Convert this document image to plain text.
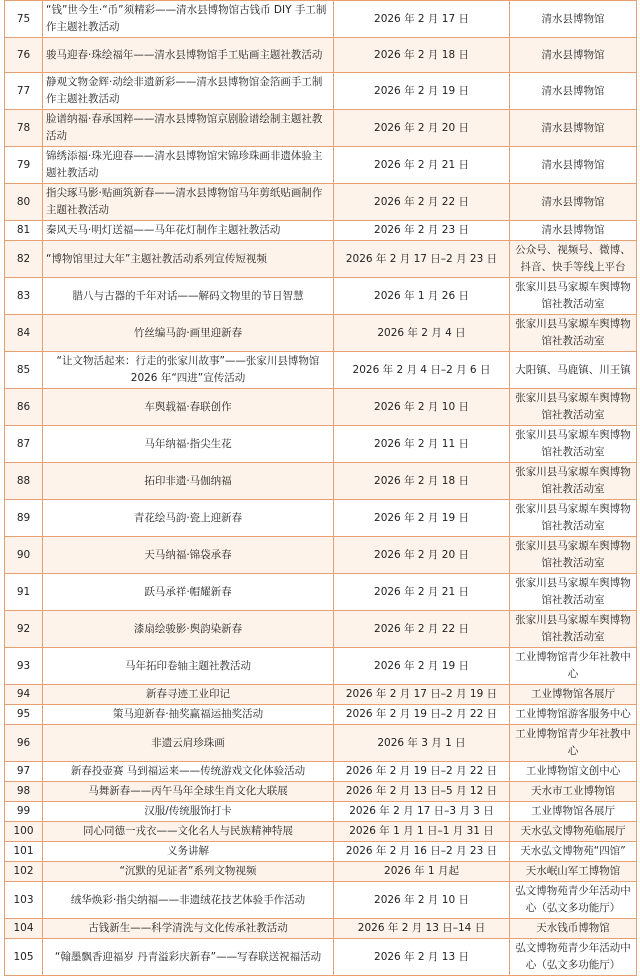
75	“钱”世今生·“币”须精彩——清水县博物馆古钱币 DIY 手工制作主题社教活动	2026 年 2 月 17 日	清水县博物馆
76	骏马迎春·珠绘福年——清水县博物馆手工贴画主题社教活动	2026 年 2 月 18 日	清水县博物馆
77	静观文物金辉·动绘非遗新彩——清水县博物馆金箔画手工制作主题社教活动	2026 年 2 月 19 日	清水县博物馆
78	脸谱纳福·春承国粹——清水县博物馆京剧脸谱绘制主题社教活动	2026 年 2 月 20 日	清水县博物馆
79	锦绣添福·珠光迎春——清水县博物馆宋锦珍珠画非遗体验主题社教活动	2026 年 2 月 21 日	清水县博物馆
80	指尖琢马影·贴画筑新春——清水县博物馆马年剪纸贴画制作主题社教活动	2026 年 2 月 22 日	清水县博物馆
81	秦风天马·明灯送福——马年花灯制作主题社教活动	2026 年 2 月 23 日	清水县博物馆
82	“博物馆里过大年”主题社教活动系列宣传短视频	2026 年 2 月 17 日–2 月 23 日	公众号、视频号、微博、抖音、快手等线上平台
83	腊八与古器的千年对话——解码文物里的节日智慧	2026 年 1 月 26 日	张家川县马家塬车舆博物馆社教活动室
84	竹丝编马韵·画里迎新春	2026 年 2 月 4 日	张家川县马家塬车舆博物馆社教活动室
85	“让文物活起来：行走的张家川故事”——张家川县博物馆 2026 年“四进”宣传活动	2026 年 2 月 4 日–2 月 6 日	大阳镇、马鹿镇、川王镇
86	车舆载福·春联创作	2026 年 2 月 10 日	张家川县马家塬车舆博物馆社教活动室
87	马年纳福·指尖生花	2026 年 2 月 11 日	张家川县马家塬车舆博物馆社教活动室
88	拓印非遗·马伽纳福	2026 年 2 月 18 日	张家川县马家塬车舆博物馆社教活动室
89	青花绘马韵·瓷上迎新春	2026 年 2 月 19 日	张家川县马家塬车舆博物馆社教活动室
90	天马纳福·锦袋承春	2026 年 2 月 20 日	张家川县马家塬车舆博物馆社教活动室
91	跃马承祥·帽耀新春	2026 年 2 月 21 日	张家川县马家塬车舆博物馆社教活动室
92	漆扇绘骏影·舆韵染新春	2026 年 2 月 22 日	张家川县马家塬车舆博物馆社教活动室
93	马年拓印卷轴主题社教活动	2026 年 2 月 19 日	工业博物馆青少年社教中心
94	新春寻迹工业印记	2026 年 2 月 17 日–2 月 19 日	工业博物馆各展厅
95	策马迎新春·抽奖赢福运抽奖活动	2026 年 2 月 19 日–2 月 22 日	工业博物馆游客服务中心
96	非遗云肩珍珠画	2026 年 3 月 1 日	工业博物馆青少年社教中心
97	新春投壶赛 马到福运来——传统游戏文化体验活动	2026 年 2 月 19 日–2 月 22 日	工业博物馆文创中心
98	马舞新春——丙午马年全球生肖文化大联展	2026 年 2 月 13 日–5 月 12 日	天水市工业博物馆
99	汉服/传统服饰打卡	2026 年 2 月 17 日–3 月 3 日	工业博物馆各展厅
100	同心同德一戎衣——文化名人与民族精神特展	2026 年 1 月 1 日–1 月 31 日	天水弘文博物苑临展厅
101	义务讲解	2026 年 2 月 16 日–2 月 23 日	天水弘文博物苑“四馆”
102	“沉默的见证者”系列文物视频	2026 年 1 月起	天水岷山军工博物馆
103	绒华焕彩·指尖纳福——非遗绒花技艺体验手作活动	2026 年 2 月 10 日	弘文博物苑青少年活动中心（弘文多功能厅）
104	古钱新生——科学清洗与文化传承社教活动	2026 年 2 月 13 日–14 日	天水钱币博物馆
105	“翰墨飘香迎福岁 丹青溢彩庆新春”——写春联送祝福活动	2026 年 2 月 13 日	弘文博物苑青少年活动中心（弘文多功能厅）
